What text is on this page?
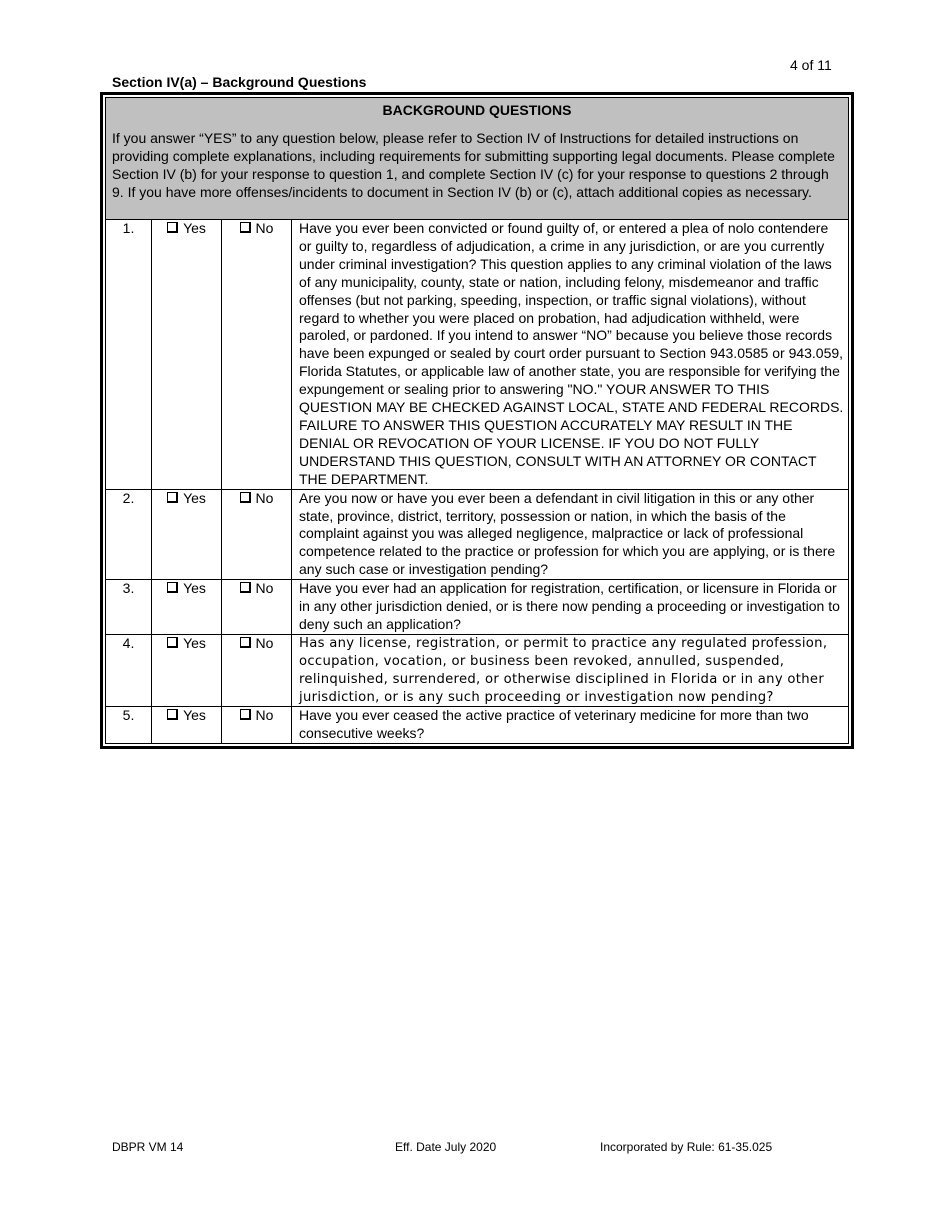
4 of 11
Section IV(a) – Background Questions
BACKGROUND QUESTIONS

If you answer “YES” to any question below, please refer to Section IV of Instructions for detailed instructions on providing complete explanations, including requirements for submitting supporting legal documents. Please complete Section IV (b) for your response to question 1, and complete Section IV (c) for your response to questions 2 through 9. If you have more offenses/incidents to document in Section IV (b) or (c), attach additional copies as necessary.

1.	Yes	No	Have you ever been convicted or found guilty of, or entered a plea of nolo contendere or guilty to, regardless of adjudication, a crime in any jurisdiction, or are you currently under criminal investigation? This question applies to any criminal violation of the laws of any municipality, county, state or nation, including felony, misdemeanor and traffic offenses (but not parking, speeding, inspection, or traffic signal violations), without regard to whether you were placed on probation, had adjudication withheld, were paroled, or pardoned. If you intend to answer “NO” because you believe those records have been expunged or sealed by court order pursuant to Section 943.0585 or 943.059, Florida Statutes, or applicable law of another state, you are responsible for verifying the expungement or sealing prior to answering "NO." YOUR ANSWER TO THIS QUESTION MAY BE CHECKED AGAINST LOCAL, STATE AND FEDERAL RECORDS. FAILURE TO ANSWER THIS QUESTION ACCURATELY MAY RESULT IN THE DENIAL OR REVOCATION OF YOUR LICENSE. IF YOU DO NOT FULLY UNDERSTAND THIS QUESTION, CONSULT WITH AN ATTORNEY OR CONTACT THE DEPARTMENT.
2.	Yes	No	Are you now or have you ever been a defendant in civil litigation in this or any other state, province, district, territory, possession or nation, in which the basis of the complaint against you was alleged negligence, malpractice or lack of professional competence related to the practice or profession for which you are applying, or is there any such case or investigation pending?
3.	Yes	No	Have you ever had an application for registration, certification, or licensure in Florida or in any other jurisdiction denied, or is there now pending a proceeding or investigation to deny such an application?
4.	Yes	No	Has any license, registration, or permit to practice any regulated profession, occupation, vocation, or business been revoked, annulled, suspended, relinquished, surrendered, or otherwise disciplined in Florida or in any other jurisdiction, or is any such proceeding or investigation now pending?
5.	Yes	No	Have you ever ceased the active practice of veterinary medicine for more than two consecutive weeks?
DBPR VM 14	Eff. Date July 2020	Incorporated by Rule: 61-35.025
